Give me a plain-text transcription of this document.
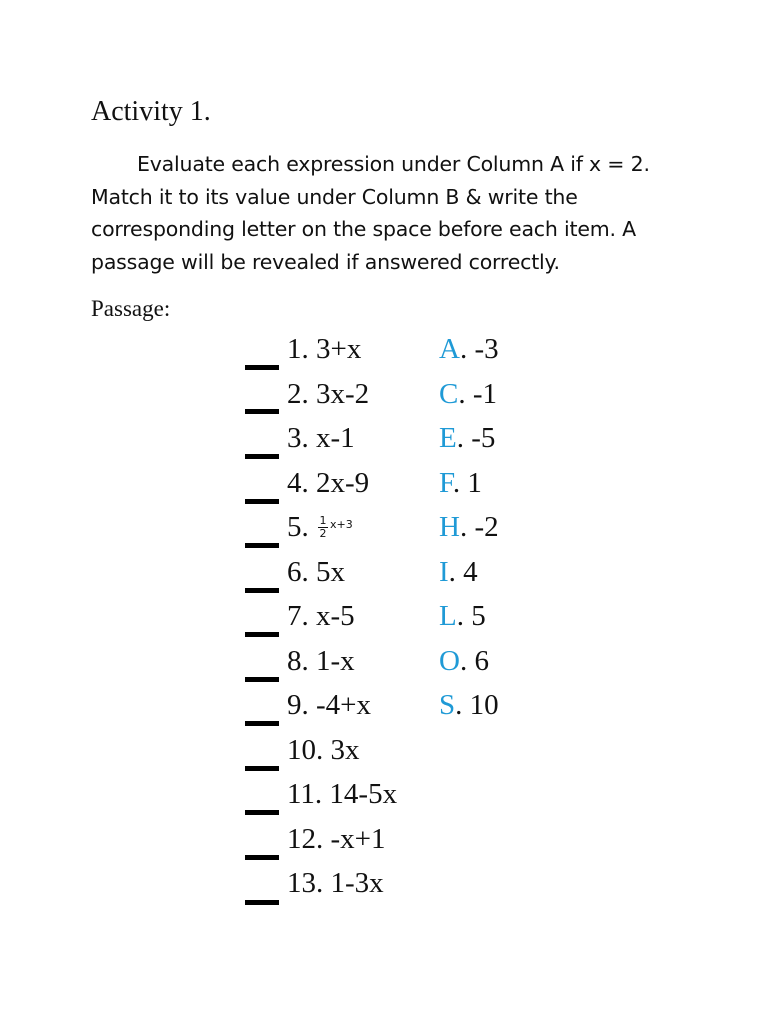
Activity 1.
Evaluate each expression under Column A if x = 2. Match it to its value under Column B & write the corresponding letter on the space before each item. A passage will be revealed if answered correctly.
Passage:
1. 3+x
2. 3x-2
3. x-1
4. 2x-9
5. $\frac{1}{2} x+3$
6. 5x
7. x-5
8. 1-x
9. -4+x
10. 3x
11. 14-5x
12. -x+1
13. 1-3x
A. -3
C. -1
E. -5
F. 1
H. -2
I. 4
L. 5
O. 6
S. 10
